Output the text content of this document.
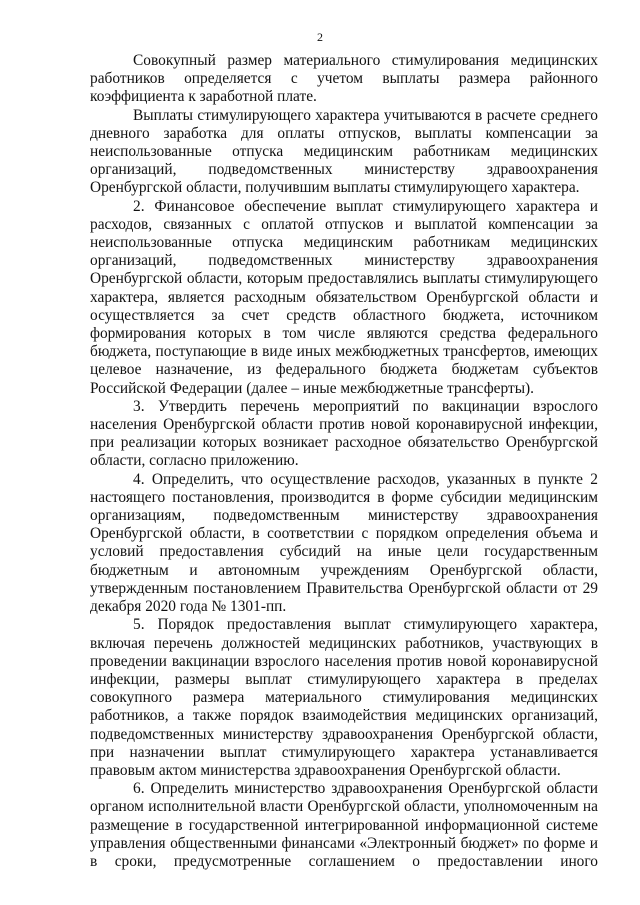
2

Совокупный размер материального стимулирования медицинских работников определяется с учетом выплаты размера районного коэффициента к заработной плате.

Выплаты стимулирующего характера учитываются в расчете среднего дневного заработка для оплаты отпусков, выплаты компенсации за неиспользованные отпуска медицинским работникам медицинских организаций, подведомственных министерству здравоохранения Оренбургской области, получившим выплаты стимулирующего характера.

2. Финансовое обеспечение выплат стимулирующего характера и расходов, связанных с оплатой отпусков и выплатой компенсации за неиспользованные отпуска медицинским работникам медицинских организаций, подведомственных министерству здравоохранения Оренбургской области, которым предоставлялись выплаты стимулирующего характера, является расходным обязательством Оренбургской области и осуществляется за счет средств областного бюджета, источником формирования которых в том числе являются средства федерального бюджета, поступающие в виде иных межбюджетных трансфертов, имеющих целевое назначение, из федерального бюджета бюджетам субъектов Российской Федерации (далее – иные межбюджетные трансферты).

3. Утвердить перечень мероприятий по вакцинации взрослого населения Оренбургской области против новой коронавирусной инфекции, при реализации которых возникает расходное обязательство Оренбургской области, согласно приложению.

4. Определить, что осуществление расходов, указанных в пункте 2 настоящего постановления, производится в форме субсидии медицинским организациям, подведомственным министерству здравоохранения Оренбургской области, в соответствии с порядком определения объема и условий предоставления субсидий на иные цели государственным бюджетным и автономным учреждениям Оренбургской области, утвержденным постановлением Правительства Оренбургской области от 29 декабря 2020 года № 1301-пп.

5. Порядок предоставления выплат стимулирующего характера, включая перечень должностей медицинских работников, участвующих в проведении вакцинации взрослого населения против новой коронавирусной инфекции, размеры выплат стимулирующего характера в пределах совокупного размера материального стимулирования медицинских работников, а также порядок взаимодействия медицинских организаций, подведомственных министерству здравоохранения Оренбургской области, при назначении выплат стимулирующего характера устанавливается правовым актом министерства здравоохранения Оренбургской области.

6. Определить министерство здравоохранения Оренбургской области органом исполнительной власти Оренбургской области, уполномоченным на размещение в государственной интегрированной информационной системе управления общественными финансами «Электронный бюджет» по форме и в сроки, предусмотренные соглашением о предоставлении иного
